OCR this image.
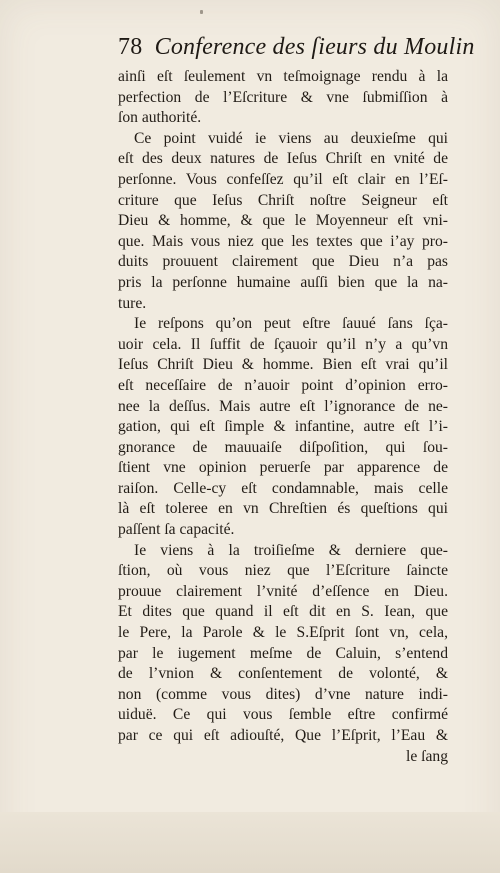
78 Conference des ſieurs du Moulin
ainſi eſt ſeulement vn teſmoignage rendu à la
perfection de l’Eſcriture & vne ſubmiſſion à
ſon authorité.
Ce point vuidé ie viens au deuxieſme qui
eſt des deux natures de Ieſus Chriſt en vnité de
perſonne. Vous confeſſez qu’il eſt clair en l’Eſ-
criture que Ieſus Chriſt noſtre Seigneur eſt
Dieu & homme, & que le Moyenneur eſt vni-
que. Mais vous niez que les textes que i’ay pro-
duits prouuent clairement que Dieu n’a pas
pris la perſonne humaine auſſi bien que la na-
ture.
Ie reſpons qu’on peut eſtre ſauué ſans ſça-
uoir cela. Il ſuffit de ſçauoir qu’il n’y a qu’vn
Ieſus Chriſt Dieu & homme. Bien eſt vrai qu’il
eſt neceſſaire de n’auoir point d’opinion erro-
nee la deſſus. Mais autre eſt l’ignorance de ne-
gation, qui eſt ſimple & infantine, autre eſt l’i-
gnorance de mauuaiſe diſpoſition, qui ſou-
ſtient vne opinion peruerſe par apparence de
raiſon. Celle-cy eſt condamnable, mais celle
là eſt toleree en vn Chreſtien és queſtions qui
paſſent ſa capacité.
Ie viens à la troiſieſme & derniere que-
ſtion, où vous niez que l’Eſcriture ſaincte
prouue clairement l’vnité d’eſſence en Dieu.
Et dites que quand il eſt dit en S. Iean, que
le Pere, la Parole & le S.Eſprit ſont vn, cela,
par le iugement meſme de Caluin, s’entend
de l’vnion & conſentement de volonté, &
non (comme vous dites) d’vne nature indi-
uiduë. Ce qui vous ſemble eſtre confirmé
par ce qui eſt adiouſté, Que l’Eſprit, l’Eau &
le ſang
